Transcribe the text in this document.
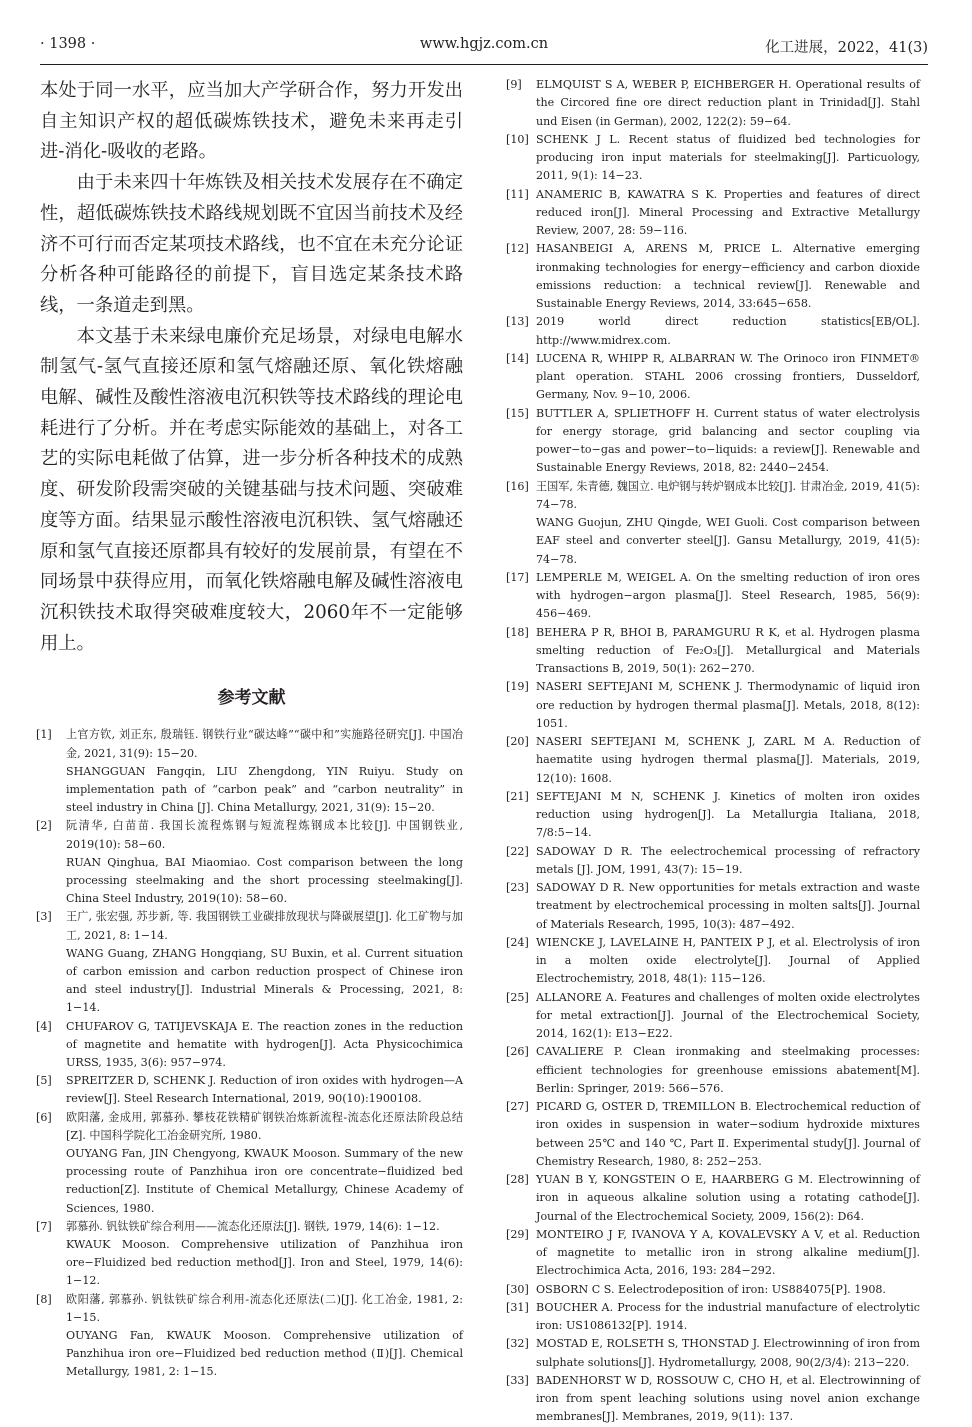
· 1398 ·	www.hgjz.com.cn	化工进展，2022，41(3)

本处于同一水平，应当加大产学研合作，努力开发出自主知识产权的超低碳炼铁技术，避免未来再走引进-消化-吸收的老路。

由于未来四十年炼铁及相关技术发展存在不确定性，超低碳炼铁技术路线规划既不宜因当前技术及经济不可行而否定某项技术路线，也不宜在未充分论证分析各种可能路径的前提下，盲目选定某条技术路线，一条道走到黑。

本文基于未来绿电廉价充足场景，对绿电电解水制氢气-氢气直接还原和氢气熔融还原、氧化铁熔融电解、碱性及酸性溶液电沉积铁等技术路线的理论电耗进行了分析。并在考虑实际能效的基础上，对各工艺的实际电耗做了估算，进一步分析各种技术的成熟度、研发阶段需突破的关键基础与技术问题、突破难度等方面。结果显示酸性溶液电沉积铁、氢气熔融还原和氢气直接还原都具有较好的发展前景，有望在不同场景中获得应用，而氧化铁熔融电解及碱性溶液电沉积铁技术取得突破难度较大，2060年不一定能够用上。

参考文献
[1] 上官方钦, 刘正东, 殷瑞钰. 钢铁行业“碳达峰”“碳中和”实施路径研究[J]. 中国冶金, 2021, 31(9): 15−20.
SHANGGUAN Fangqin, LIU Zhengdong, YIN Ruiyu. Study on implementation path of “carbon peak” and “carbon neutrality” in steel industry in China [J]. China Metallurgy, 2021, 31(9): 15−20.
[2] 阮清华, 白苗苗. 我国长流程炼钢与短流程炼钢成本比较[J]. 中国钢铁业, 2019(10): 58−60.
RUAN Qinghua, BAI Miaomiao. Cost comparison between the long processing steelmaking and the short processing steelmaking[J]. China Steel Industry, 2019(10): 58−60.
[3] 王广, 张宏强, 苏步新, 等. 我国钢铁工业碳排放现状与降碳展望[J]. 化工矿物与加工, 2021, 8: 1−14.
WANG Guang, ZHANG Hongqiang, SU Buxin, et al. Current situation of carbon emission and carbon reduction prospect of Chinese iron and steel industry[J]. Industrial Minerals & Processing, 2021, 8: 1−14.
[4] CHUFAROV G, TATIJEVSKAJA E. The reaction zones in the reduction of magnetite and hematite with hydrogen[J]. Acta Physicochimica URSS, 1935, 3(6): 957−974.
[5] SPREITZER D, SCHENK J. Reduction of iron oxides with hydrogen—A review[J]. Steel Research International, 2019, 90(10):1900108.
[6] 欧阳藩, 金成用, 郭慕孙. 攀枝花铁精矿钢铁冶炼新流程-流态化还原法阶段总结[Z]. 中国科学院化工冶金研究所, 1980.
OUYANG Fan, JIN Chengyong, KWAUK Mooson. Summary of the new processing route of Panzhihua iron ore concentrate−fluidized bed reduction[Z]. Institute of Chemical Metallurgy, Chinese Academy of Sciences, 1980.
[7] 郭慕孙. 钒钛铁矿综合利用——流态化还原法[J]. 钢铁, 1979, 14(6): 1−12.
KWAUK Mooson. Comprehensive utilization of Panzhihua iron ore−Fluidized bed reduction method[J]. Iron and Steel, 1979, 14(6): 1−12.
[8] 欧阳藩, 郭慕孙. 钒钛铁矿综合利用-流态化还原法(二)[J]. 化工冶金, 1981, 2: 1−15.
OUYANG Fan, KWAUK Mooson. Comprehensive utilization of Panzhihua iron ore−Fluidized bed reduction method (Ⅱ)[J]. Chemical Metallurgy, 1981, 2: 1−15.
[9] ELMQUIST S A, WEBER P, EICHBERGER H. Operational results of the Circored fine ore direct reduction plant in Trinidad[J]. Stahl und Eisen (in German), 2002, 122(2): 59−64.
[10] SCHENK J L. Recent status of fluidized bed technologies for producing iron input materials for steelmaking[J]. Particuology, 2011, 9(1): 14−23.
[11] ANAMERIC B, KAWATRA S K. Properties and features of direct reduced iron[J]. Mineral Processing and Extractive Metallurgy Review, 2007, 28: 59−116.
[12] HASANBEIGI A, ARENS M, PRICE L. Alternative emerging ironmaking technologies for energy−efficiency and carbon dioxide emissions reduction: a technical review[J]. Renewable and Sustainable Energy Reviews, 2014, 33:645−658.
[13] 2019 world direct reduction statistics[EB/OL]. http://www.midrex.com.
[14] LUCENA R, WHIPP R, ALBARRAN W. The Orinoco iron FINMET® plant operation. STAHL 2006 crossing frontiers, Dusseldorf, Germany, Nov. 9−10, 2006.
[15] BUTTLER A, SPLIETHOFF H. Current status of water electrolysis for energy storage, grid balancing and sector coupling via power−to−gas and power−to−liquids: a review[J]. Renewable and Sustainable Energy Reviews, 2018, 82: 2440−2454.
[16] 王国军, 朱青德, 魏国立. 电炉钢与转炉钢成本比较[J]. 甘肃冶金, 2019, 41(5): 74−78.
WANG Guojun, ZHU Qingde, WEI Guoli. Cost comparison between EAF steel and converter steel[J]. Gansu Metallurgy, 2019, 41(5): 74−78.
[17] LEMPERLE M, WEIGEL A. On the smelting reduction of iron ores with hydrogen−argon plasma[J]. Steel Research, 1985, 56(9): 456−469.
[18] BEHERA P R, BHOI B, PARAMGURU R K, et al. Hydrogen plasma smelting reduction of Fe₂O₃[J]. Metallurgical and Materials Transactions B, 2019, 50(1): 262−270.
[19] NASERI SEFTEJANI M, SCHENK J. Thermodynamic of liquid iron ore reduction by hydrogen thermal plasma[J]. Metals, 2018, 8(12): 1051.
[20] NASERI SEFTEJANI M, SCHENK J, ZARL M A. Reduction of haematite using hydrogen thermal plasma[J]. Materials, 2019, 12(10): 1608.
[21] SEFTEJANI M N, SCHENK J. Kinetics of molten iron oxides reduction using hydrogen[J]. La Metallurgia Italiana, 2018, 7/8:5−14.
[22] SADOWAY D R. The eelectrochemical processing of refractory metals [J]. JOM, 1991, 43(7): 15−19.
[23] SADOWAY D R. New opportunities for metals extraction and waste treatment by electrochemical processing in molten salts[J]. Journal of Materials Research, 1995, 10(3): 487−492.
[24] WIENCKE J, LAVELAINE H, PANTEIX P J, et al. Electrolysis of iron in a molten oxide electrolyte[J]. Journal of Applied Electrochemistry, 2018, 48(1): 115−126.
[25] ALLANORE A. Features and challenges of molten oxide electrolytes for metal extraction[J]. Journal of the Electrochemical Society, 2014, 162(1): E13−E22.
[26] CAVALIERE P. Clean ironmaking and steelmaking processes: efficient technologies for greenhouse emissions abatement[M]. Berlin: Springer, 2019: 566−576.
[27] PICARD G, OSTER D, TREMILLON B. Electrochemical reduction of iron oxides in suspension in water−sodium hydroxide mixtures between 25℃ and 140 ℃, Part Ⅱ. Experimental study[J]. Journal of Chemistry Research, 1980, 8: 252−253.
[28] YUAN B Y, KONGSTEIN O E, HAARBERG G M. Electrowinning of iron in aqueous alkaline solution using a rotating cathode[J]. Journal of the Electrochemical Society, 2009, 156(2): D64.
[29] MONTEIRO J F, IVANOVA Y A, KOVALEVSKY A V, et al. Reduction of magnetite to metallic iron in strong alkaline medium[J]. Electrochimica Acta, 2016, 193: 284−292.
[30] OSBORN C S. Eelectrodeposition of iron: US884075[P]. 1908.
[31] BOUCHER A. Process for the industrial manufacture of electrolytic iron: US1086132[P]. 1914.
[32] MOSTAD E, ROLSETH S, THONSTAD J. Electrowinning of iron from sulphate solutions[J]. Hydrometallurgy, 2008, 90(2/3/4): 213−220.
[33] BADENHORST W D, ROSSOUW C, CHO H, et al. Electrowinning of iron from spent leaching solutions using novel anion exchange membranes[J]. Membranes, 2019, 9(11): 137.
